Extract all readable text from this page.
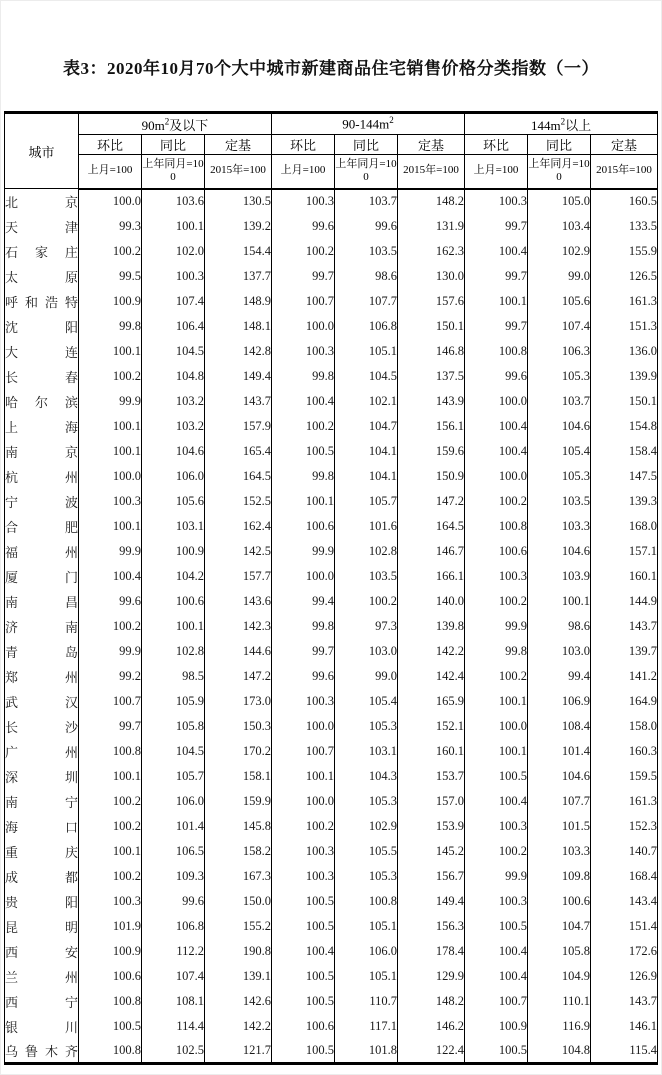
表3：2020年10月70个大中城市新建商品住宅销售价格分类指数（一）
城市	$90m^2$及以下			$90-144m^2$			$144m^2$以上		
	环比	同比	定基	环比	同比	定基	环比	同比	定基
	上月=100	上年同月=100	2015年=100	上月=100	上年同月=100	2015年=100	上月=100	上年同月=100	2015年=100
北京	100.0	103.6	130.5	100.3	103.7	148.2	100.3	105.0	160.5
天津	99.3	100.1	139.2	99.6	99.6	131.9	99.7	103.4	133.5
石家庄	100.2	102.0	154.4	100.2	103.5	162.3	100.4	102.9	155.9
太原	99.5	100.3	137.7	99.7	98.6	130.0	99.7	99.0	126.5
呼和浩特	100.9	107.4	148.9	100.7	107.7	157.6	100.1	105.6	161.3
沈阳	99.8	106.4	148.1	100.0	106.8	150.1	99.7	107.4	151.3
大连	100.1	104.5	142.8	100.3	105.1	146.8	100.8	106.3	136.0
长春	100.2	104.8	149.4	99.8	104.5	137.5	99.6	105.3	139.9
哈尔滨	99.9	103.2	143.7	100.4	102.1	143.9	100.0	103.7	150.1
上海	100.1	103.2	157.9	100.2	104.7	156.1	100.4	104.6	154.8
南京	100.1	104.6	165.4	100.5	104.1	159.6	100.4	105.4	158.4
杭州	100.0	106.0	164.5	99.8	104.1	150.9	100.0	105.3	147.5
宁波	100.3	105.6	152.5	100.1	105.7	147.2	100.2	103.5	139.3
合肥	100.1	103.1	162.4	100.6	101.6	164.5	100.8	103.3	168.0
福州	99.9	100.9	142.5	99.9	102.8	146.7	100.6	104.6	157.1
厦门	100.4	104.2	157.7	100.0	103.5	166.1	100.3	103.9	160.1
南昌	99.6	100.6	143.6	99.4	100.2	140.0	100.2	100.1	144.9
济南	100.2	100.1	142.3	99.8	97.3	139.8	99.9	98.6	143.7
青岛	99.9	102.8	144.6	99.7	103.0	142.2	99.8	103.0	139.7
郑州	99.2	98.5	147.2	99.6	99.0	142.4	100.2	99.4	141.2
武汉	100.7	105.9	173.0	100.3	105.4	165.9	100.1	106.9	164.9
长沙	99.7	105.8	150.3	100.0	105.3	152.1	100.0	108.4	158.0
广州	100.8	104.5	170.2	100.7	103.1	160.1	100.1	101.4	160.3
深圳	100.1	105.7	158.1	100.1	104.3	153.7	100.5	104.6	159.5
南宁	100.2	106.0	159.9	100.0	105.3	157.0	100.4	107.7	161.3
海口	100.2	101.4	145.8	100.2	102.9	153.9	100.3	101.5	152.3
重庆	100.1	106.5	158.2	100.3	105.5	145.2	100.2	103.3	140.7
成都	100.2	109.3	167.3	100.3	105.3	156.7	99.9	109.8	168.4
贵阳	100.3	99.6	150.0	100.5	100.8	149.4	100.3	100.6	143.4
昆明	101.9	106.8	155.2	100.5	105.1	156.3	100.5	104.7	151.4
西安	100.9	112.2	190.8	100.4	106.0	178.4	100.4	105.8	172.6
兰州	100.6	107.4	139.1	100.5	105.1	129.9	100.4	104.9	126.9
西宁	100.8	108.1	142.6	100.5	110.7	148.2	100.7	110.1	143.7
银川	100.5	114.4	142.2	100.6	117.1	146.2	100.9	116.9	146.1
乌鲁木齐	100.8	102.5	121.7	100.5	101.8	122.4	100.5	104.8	115.4
